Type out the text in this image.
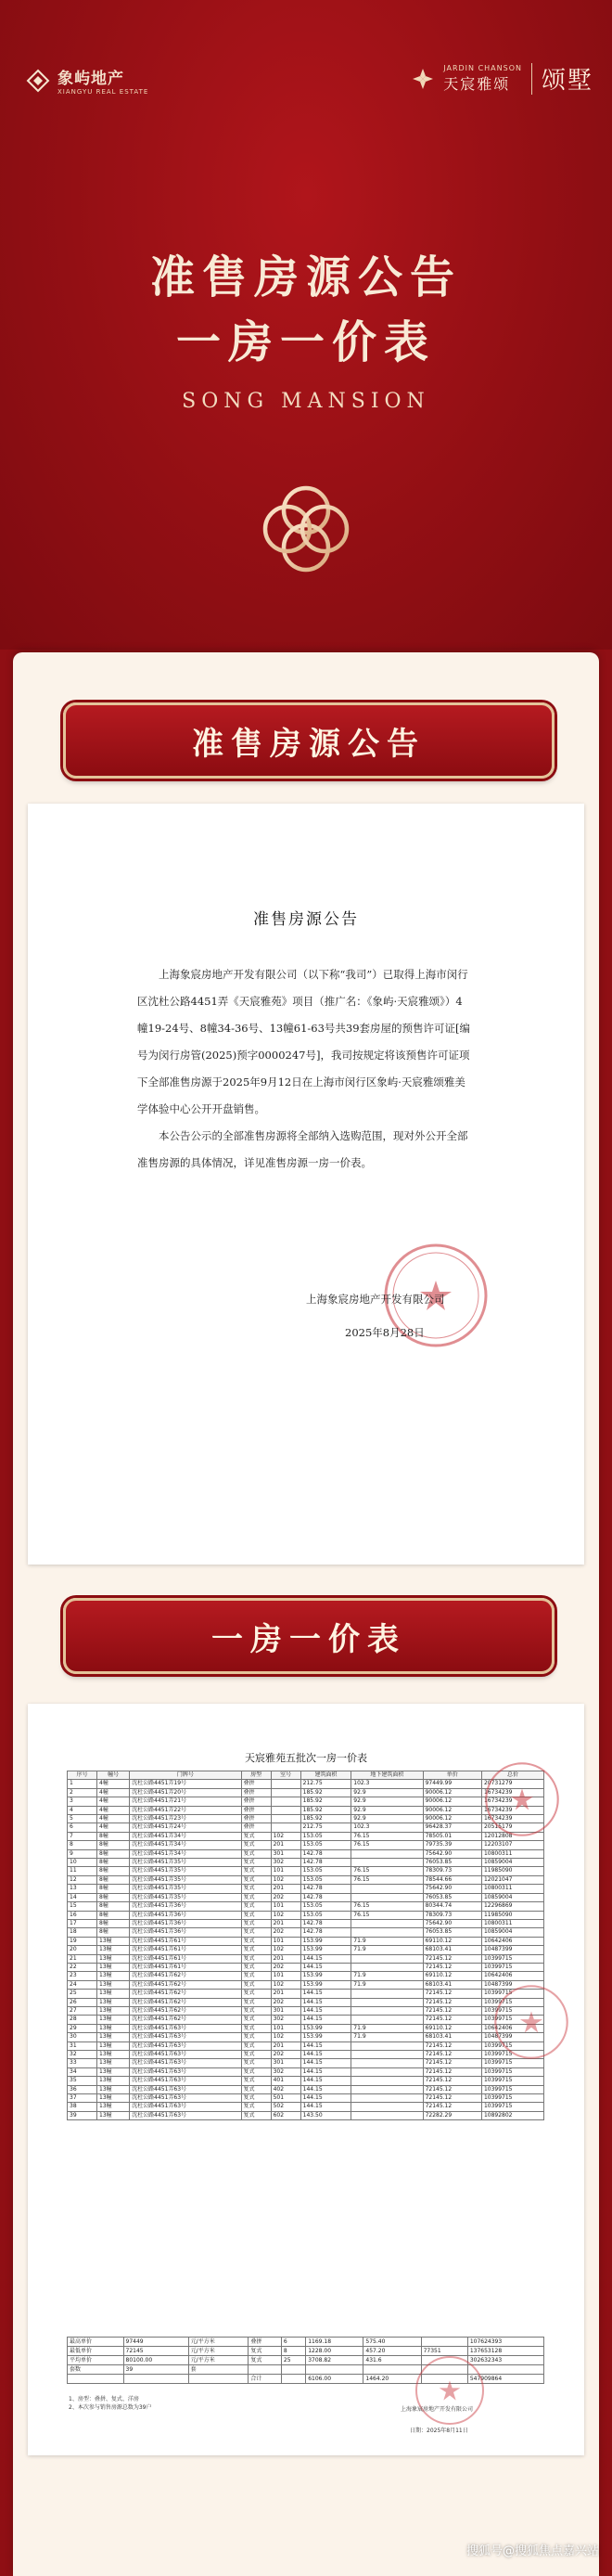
象屿地产
XIANGYU REAL ESTATE
JARDIN CHANSON
天宸雅颂	颂墅
准售房源公告
一房一价表
SONG MANSION
准售房源公告
准售房源公告

上海象宸房地产开发有限公司（以下称“我司”）已取得上海市闵行区沈杜公路4451弄《天宸雅苑》项目（推广名：《象屿·天宸雅颂》）4幢19-24号、8幢34-36号、13幢61-63号共39套房屋的预售许可证[编号为闵行房管(2025)预字0000247号]，我司按规定将该预售许可证项下全部准售房源于2025年9月12日在上海市闵行区象屿·天宸雅颂雅美学体验中心公开开盘销售。

本公告公示的全部准售房源将全部纳入选购范围，现对外公开全部准售房源的具体情况，详见准售房源一房一价表。

上海象宸房地产开发有限公司
2025年8月28日
一房一价表
天宸雅苑五批次一房一价表
序号	幢号	门牌号	房型	室号	建筑面积	地下建筑面积	单价	总价
1	4幢	沈杜公路4451弄19号	叠拼		212.75	102.3	97449.99	20731279
2	4幢	沈杜公路4451弄20号	叠拼		185.92	92.9	90006.12	16734239
3	4幢	沈杜公路4451弄21号	叠拼		185.92	92.9	90006.12	16734239
4	4幢	沈杜公路4451弄22号	叠拼		185.92	92.9	90006.12	16734239
5	4幢	沈杜公路4451弄23号	叠拼		185.92	92.9	90006.12	16734239
6	4幢	沈杜公路4451弄24号	叠拼		212.75	102.3	96428.37	20515179
7	8幢	沈杜公路4451弄34号	复式	102	153.05	76.15	78505.01	12012808
8	8幢	沈杜公路4451弄34号	复式	201	153.05	76.15	79735.39	12203107
9	8幢	沈杜公路4451弄34号	复式	301	142.78		75642.90	10800311
10	8幢	沈杜公路4451弄35号	复式	302	142.78		76053.85	10859004
11	8幢	沈杜公路4451弄35号	复式	101	153.05	76.15	78309.73	11985090
12	8幢	沈杜公路4451弄35号	复式	102	153.05	76.15	78544.66	12021047
13	8幢	沈杜公路4451弄35号	复式	201	142.78		75642.90	10800311
14	8幢	沈杜公路4451弄35号	复式	202	142.78		76053.85	10859004
15	8幢	沈杜公路4451弄36号	复式	101	153.05	76.15	80344.74	12296869
16	8幢	沈杜公路4451弄36号	复式	102	153.05	76.15	78309.73	11985090
17	8幢	沈杜公路4451弄36号	复式	201	142.78		75642.90	10800311
18	8幢	沈杜公路4451弄36号	复式	202	142.78		76053.85	10859004
19	13幢	沈杜公路4451弄61号	复式	101	153.99	71.9	69110.12	10642406
20	13幢	沈杜公路4451弄61号	复式	102	153.99	71.9	68103.41	10487399
21	13幢	沈杜公路4451弄61号	复式	201	144.15		72145.12	10399715
22	13幢	沈杜公路4451弄61号	复式	202	144.15		72145.12	10399715
23	13幢	沈杜公路4451弄62号	复式	101	153.99	71.9	69110.12	10642406
24	13幢	沈杜公路4451弄62号	复式	102	153.99	71.9	68103.41	10487399
25	13幢	沈杜公路4451弄62号	复式	201	144.15		72145.12	10399715
26	13幢	沈杜公路4451弄62号	复式	202	144.15		72145.12	10399715
27	13幢	沈杜公路4451弄62号	复式	301	144.15		72145.12	10399715
28	13幢	沈杜公路4451弄62号	复式	302	144.15		72145.12	10399715
29	13幢	沈杜公路4451弄63号	复式	101	153.99	71.9	69110.12	10642406
30	13幢	沈杜公路4451弄63号	复式	102	153.99	71.9	68103.41	10487399
31	13幢	沈杜公路4451弄63号	复式	201	144.15		72145.12	10399715
32	13幢	沈杜公路4451弄63号	复式	202	144.15		72145.12	10399715
33	13幢	沈杜公路4451弄63号	复式	301	144.15		72145.12	10399715
34	13幢	沈杜公路4451弄63号	复式	302	144.15		72145.12	10399715
35	13幢	沈杜公路4451弄63号	复式	401	144.15		72145.12	10399715
36	13幢	沈杜公路4451弄63号	复式	402	144.15		72145.12	10399715
37	13幢	沈杜公路4451弄63号	复式	501	144.15		72145.12	10399715
38	13幢	沈杜公路4451弄63号	复式	502	144.15		72145.12	10399715
39	13幢	沈杜公路4451弄63号	复式	602	143.50		72282.29	10892802
最高单价	97449	元/平方米	叠拼	6	1169.18	575.40		107624393
最低单价	72145	元/平方米	复式	8	1228.00	457.20	77351	137653128
平均单价	80100.00	元/平方米	复式	25	3708.82	431.6		302632343
套数	39	套						
			合计		6106.00	1464.20		547909864
1、房型：叠拼、复式、洋房
2、本次参与销售房源总数为39户	上海象宸房地产开发有限公司
日期：2025年8月11日
搜狐号@搜狐焦点嘉兴站
